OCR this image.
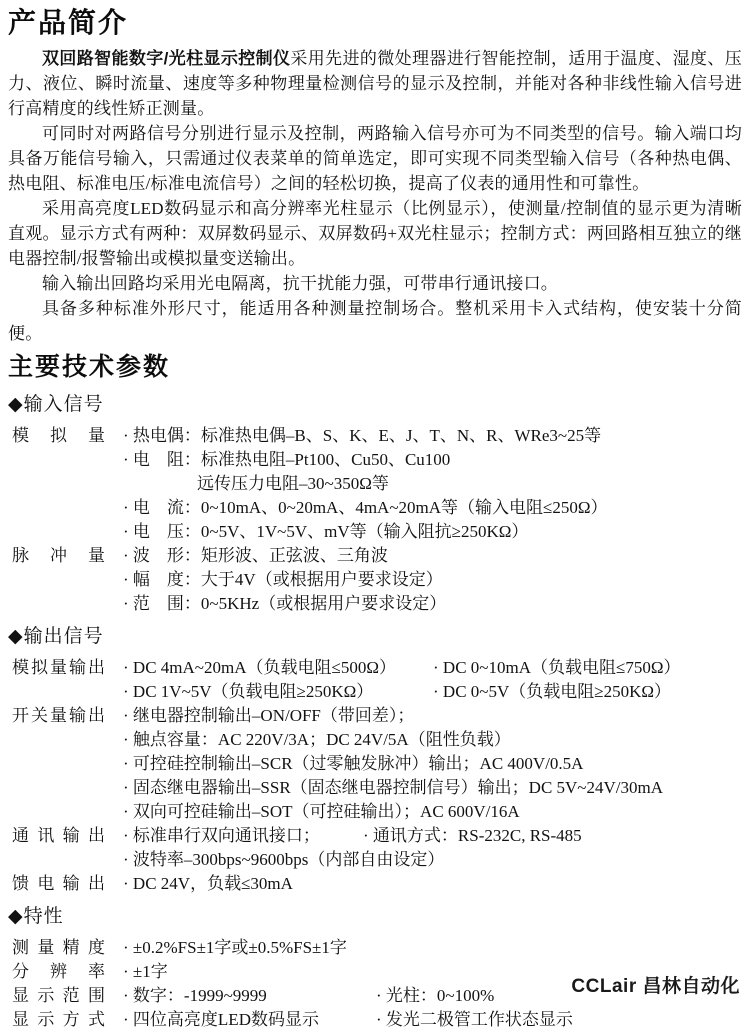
产品简介

双回路智能数字/光柱显示控制仪采用先进的微处理器进行智能控制，适用于温度、湿度、压力、液位、瞬时流量、速度等多种物理量检测信号的显示及控制，并能对各种非线性输入信号进行高精度的线性矫正测量。

可同时对两路信号分别进行显示及控制，两路输入信号亦可为不同类型的信号。输入端口均具备万能信号输入，只需通过仪表菜单的简单选定，即可实现不同类型输入信号（各种热电偶、热电阻、标准电压/标准电流信号）之间的轻松切换，提高了仪表的通用性和可靠性。

采用高亮度LED数码显示和高分辨率光柱显示（比例显示），使测量/控制值的显示更为清晰直观。显示方式有两种：双屏数码显示、双屏数码+双光柱显示；控制方式：两回路相互独立的继电器控制/报警输出或模拟量变送输出。

输入输出回路均采用光电隔离，抗干扰能力强，可带串行通讯接口。

具备多种标准外形尺寸，能适用各种测量控制场合。整机采用卡入式结构，使安装十分简便。

主要技术参数
◆输入信号
模拟量	· 热电偶：标准热电偶–B、S、K、E、J、T、N、R、WRe3~25等
· 电　阻：标准热电阻–Pt100、Cu50、Cu100
远传压力电阻–30~350Ω等
· 电　流：0~10mA、0~20mA、4mA~20mA等（输入电阻≤250Ω）
· 电　压：0~5V、1V~5V、mV等（输入阻抗≥250KΩ）
脉冲量	· 波　形：矩形波、正弦波、三角波
· 幅　度：大于4V（或根据用户要求设定）
· 范　围：0~5KHz（或根据用户要求设定）
◆输出信号
模拟量输出	· DC 4mA~20mA（负载电阻≤500Ω）	· DC 0~10mA（负载电阻≤750Ω）
· DC 1V~5V（负载电阻≥250KΩ）	· DC 0~5V（负载电阻≥250KΩ）
开关量输出	· 继电器控制输出–ON/OFF（带回差）；
· 触点容量：AC 220V/3A；DC 24V/5A（阻性负载）
· 可控硅控制输出–SCR（过零触发脉冲）输出；AC 400V/0.5A
· 固态继电器输出–SSR（固态继电器控制信号）输出；DC 5V~24V/30mA
· 双向可控硅输出–SOT（可控硅输出）；AC 600V/16A
通讯输出	· 标准串行双向通讯接口；	· 通讯方式：RS-232C, RS-485
· 波特率–300bps~9600bps（内部自由设定）
馈电输出	· DC 24V，负载≤30mA
◆特性
测量精度	· ±0.2%FS±1字或±0.5%FS±1字
分辨率	· ±1字
显示范围	· 数字：-1999~9999	· 光柱：0~100%
显示方式	· 四位高亮度LED数码显示	· 发光二极管工作状态显示
CCLair 昌林自动化
